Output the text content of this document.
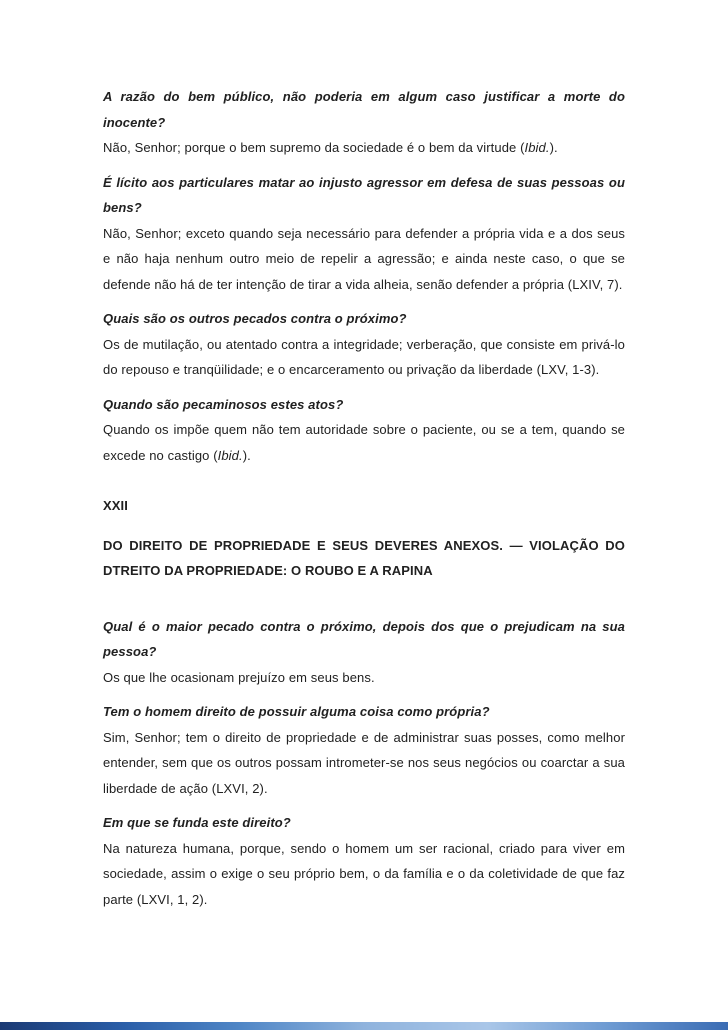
A razão do bem público, não poderia em algum caso justificar a morte do inocente?

Não, Senhor; porque o bem supremo da sociedade é o bem da virtude (Ibid.).

É lícito aos particulares matar ao injusto agressor em defesa de suas pessoas ou bens?

Não, Senhor; exceto quando seja necessário para defender a própria vida e a dos seus e não haja nenhum outro meio de repelir a agressão; e ainda neste caso, o que se defende não há de ter intenção de tirar a vida alheia, senão defender a própria (LXIV, 7).

Quais são os outros pecados contra o próximo?

Os de mutilação, ou atentado contra a integridade; verberação, que consiste em privá-lo do repouso e tranqüilidade; e o encarceramento ou privação da liberdade (LXV, 1-3).

Quando são pecaminosos estes atos?

Quando os impõe quem não tem autoridade sobre o paciente, ou se a tem, quando se excede no castigo (Ibid.).

XXII

DO DIREITO DE PROPRIEDADE E SEUS DEVERES ANEXOS. — VIOLAÇÃO DO DTREITO DA PROPRIEDADE: O ROUBO E A RAPINA

Qual é o maior pecado contra o próximo, depois dos que o prejudicam na sua pessoa?

Os que lhe ocasionam prejuízo em seus bens.

Tem o homem direito de possuir alguma coisa como própria?

Sim, Senhor; tem o direito de propriedade e de administrar suas posses, como melhor entender, sem que os outros possam intrometer-se nos seus negócios ou coarctar a sua liberdade de ação (LXVI, 2).

Em que se funda este direito?

Na natureza humana, porque, sendo o homem um ser racional, criado para viver em sociedade, assim o exige o seu próprio bem, o da família e o da coletividade de que faz parte (LXVI, 1, 2).
